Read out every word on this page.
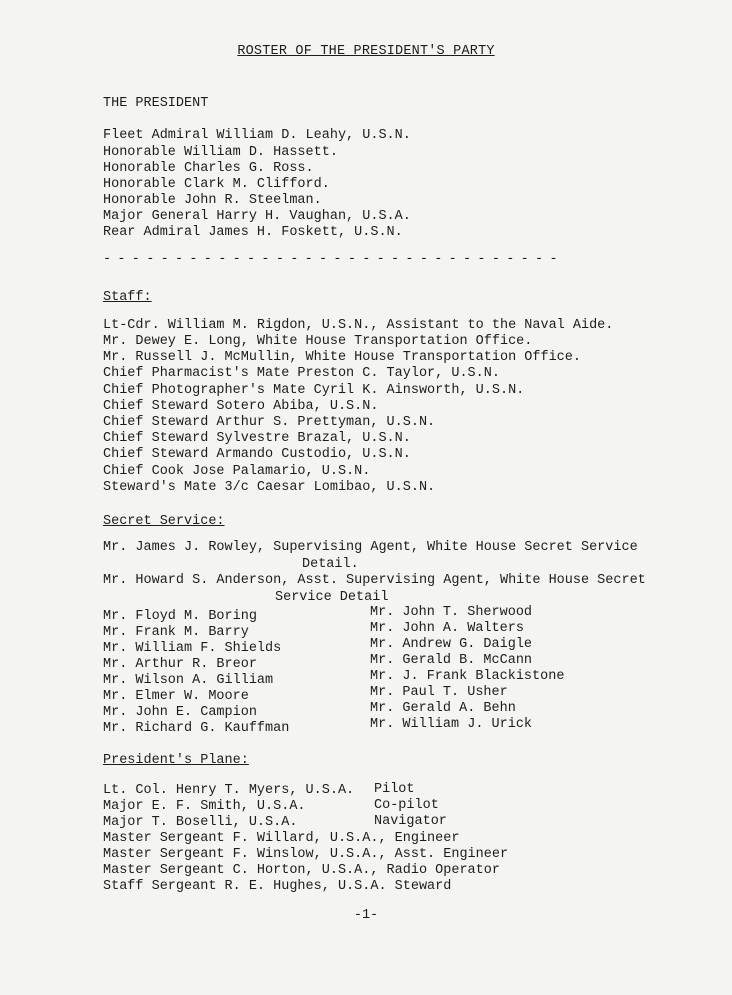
ROSTER OF THE PRESIDENT'S PARTY
THE PRESIDENT
Fleet Admiral William D. Leahy, U.S.N.
Honorable William D. Hassett.
Honorable Charles G. Ross.
Honorable Clark M. Clifford.
Honorable John R. Steelman.
Major General Harry H. Vaughan, U.S.A.
Rear Admiral James H. Foskett, U.S.N.
--------------------------------
Staff:
Lt-Cdr. William M. Rigdon, U.S.N., Assistant to the Naval Aide.
Mr. Dewey E. Long, White House Transportation Office.
Mr. Russell J. McMullin, White House Transportation Office.
Chief Pharmacist's Mate Preston C. Taylor, U.S.N.
Chief Photographer's Mate Cyril K. Ainsworth, U.S.N.
Chief Steward Sotero Abiba, U.S.N.
Chief Steward Arthur S. Prettyman, U.S.N.
Chief Steward Sylvestre Brazal, U.S.N.
Chief Steward Armando Custodio, U.S.N.
Chief Cook Jose Palamario, U.S.N.
Steward's Mate 3/c Caesar Lomibao, U.S.N.
Secret Service:
Mr. James J. Rowley, Supervising Agent, White House Secret Service
Detail.
Mr. Howard S. Anderson, Asst. Supervising Agent, White House Secret
Service Detail
Mr. Floyd M. Boring
Mr. Frank M. Barry
Mr. William F. Shields
Mr. Arthur R. Breor
Mr. Wilson A. Gilliam
Mr. Elmer W. Moore
Mr. John E. Campion
Mr. Richard G. Kauffman
Mr. John T. Sherwood
Mr. John A. Walters
Mr. Andrew G. Daigle
Mr. Gerald B. McCann
Mr. J. Frank Blackistone
Mr. Paul T. Usher
Mr. Gerald A. Behn
Mr. William J. Urick
President's Plane:
Lt. Col. Henry T. Myers, U.S.A. Pilot
Major E. F. Smith, U.S.A.	Co-pilot
Major T. Boselli, U.S.A.	Navigator
Master Sergeant F. Willard, U.S.A., Engineer
Master Sergeant F. Winslow, U.S.A., Asst. Engineer
Master Sergeant C. Horton, U.S.A., Radio Operator
Staff Sergeant R. E. Hughes, U.S.A. Steward
-1-
